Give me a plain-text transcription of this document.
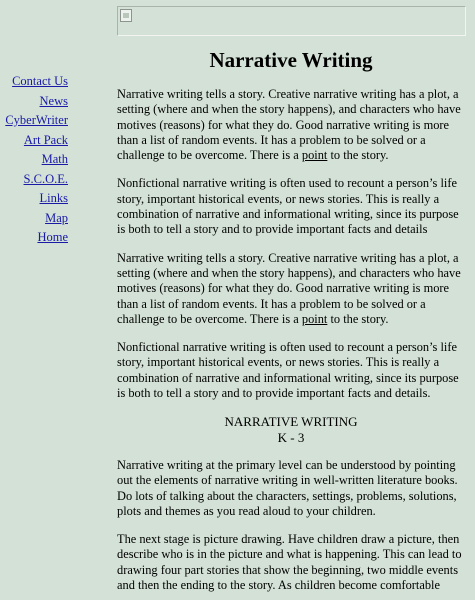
Contact Us
News
CyberWriter
Art Pack
Math
S.C.O.E.
Links
Map
Home
Narrative Writing

Narrative writing tells a story. Creative narrative writing has a plot, a setting (where and when the story happens), and characters who have motives (reasons) for what they do. Good narrative writing is more than a list of random events. It has a problem to be solved or a challenge to be overcome. There is a point to the story.

Nonfictional narrative writing is often used to recount a person’s life story, important historical events, or news stories. This is really a combination of narrative and informational writing, since its purpose is both to tell a story and to provide important facts and details

Narrative writing tells a story. Creative narrative writing has a plot, a setting (where and when the story happens), and characters who have motives (reasons) for what they do. Good narrative writing is more than a list of random events. It has a problem to be solved or a challenge to be overcome. There is a point to the story.

Nonfictional narrative writing is often used to recount a person’s life story, important historical events, or news stories. This is really a combination of narrative and informational writing, since its purpose is both to tell a story and to provide important facts and details.

NARRATIVE WRITING
K - 3

Narrative writing at the primary level can be understood by pointing out the elements of narrative writing in well-written literature books. Do lots of talking about the characters, settings, problems, solutions, plots and themes as you read aloud to your children.

The next stage is picture drawing. Have children draw a picture, then describe who is in the picture and what is happening. This can lead to drawing four part stories that show the beginning, two middle events and then the ending to the story. As children become comfortable
